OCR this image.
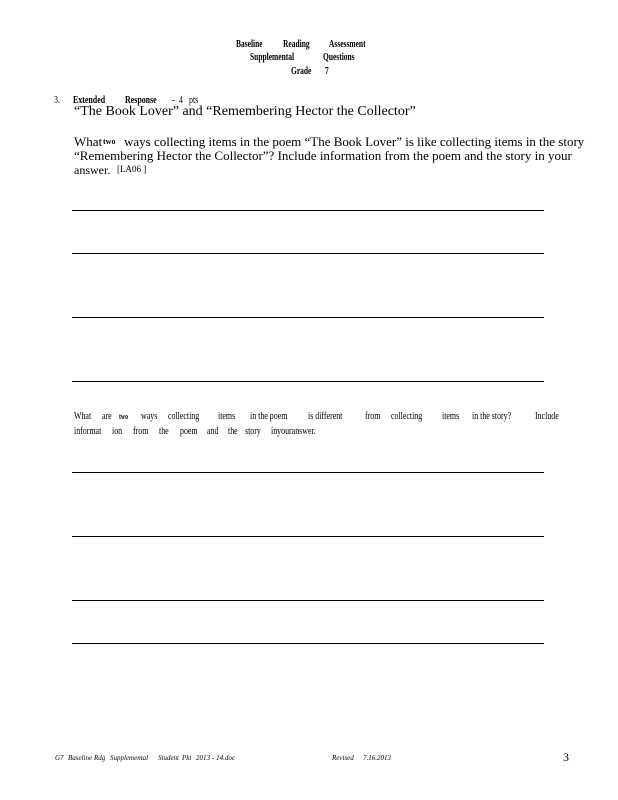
Baseline	Reading	Assessment
Supplemental	Questions
Grade	7
3. Extended	Response	- 4 pts
“The Book Lover” and “Remembering Hector the Collector”
What two ways collecting items in the poem “The Book Lover” is like collecting items in the story
“Remembering Hector the Collector”? Include information from the poem and the story in your
answer. [LA06 ]
What are two	ways collecting	items	in the poem	is different	from collecting	items	in the story?	Include
informat ion from the	poem and the story inyouranswer.
G7 Baseline Rdg Supplemental Student Pkt 2013 - 14.doc	Revised 7.16.2013	3
